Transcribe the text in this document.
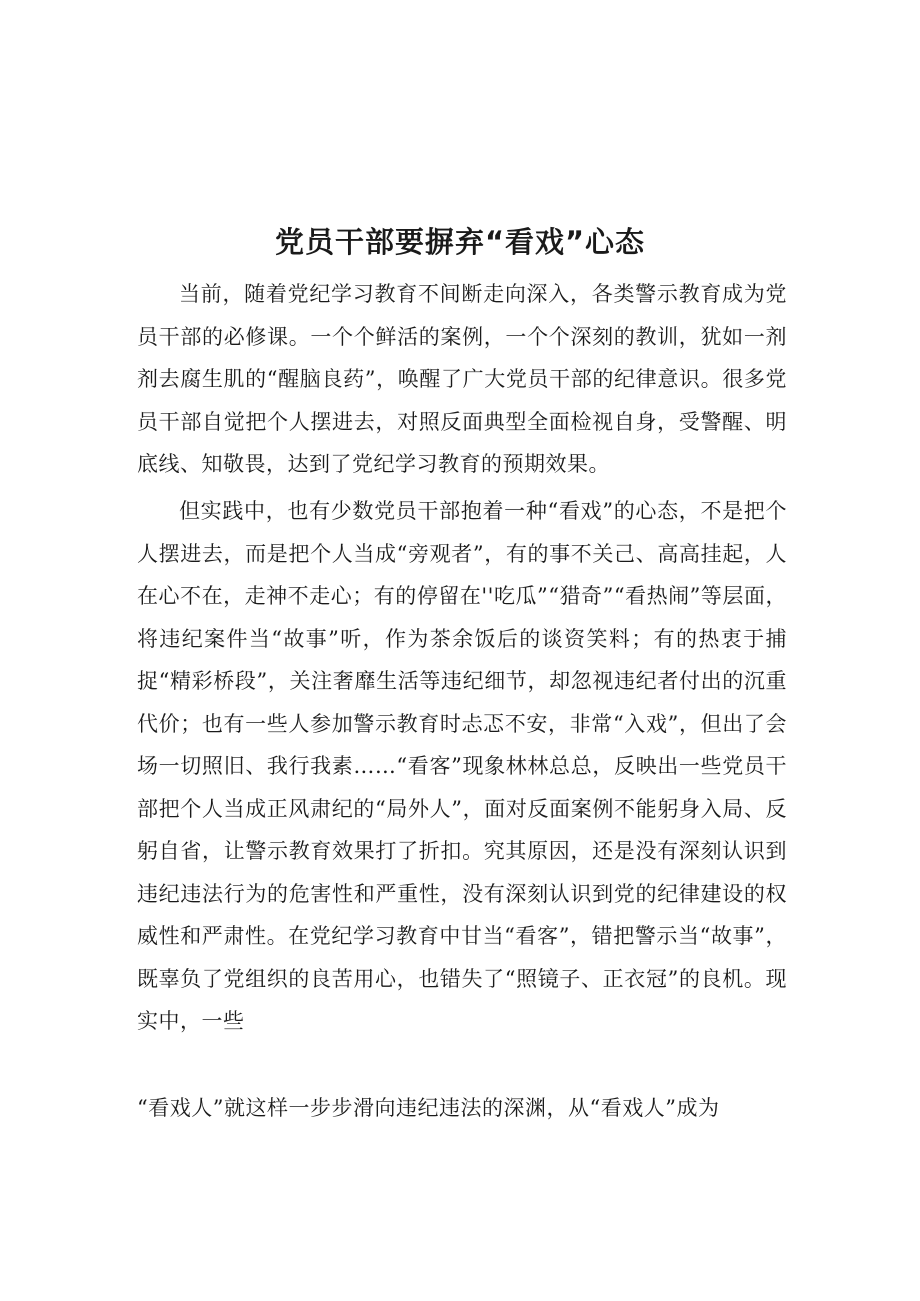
党员干部要摒弃“看戏”心态

当前，随着党纪学习教育不间断走向深入，各类警示教育成为党员干部的必修课。一个个鲜活的案例，一个个深刻的教训，犹如一剂剂去腐生肌的“醒脑良药”，唤醒了广大党员干部的纪律意识。很多党员干部自觉把个人摆进去，对照反面典型全面检视自身，受警醒、明底线、知敬畏，达到了党纪学习教育的预期效果。

但实践中，也有少数党员干部抱着一种“看戏”的心态，不是把个人摆进去，而是把个人当成“旁观者”，有的事不关己、高高挂起，人在心不在，走神不走心；有的停留在''吃瓜”“猎奇”“看热闹”等层面，将违纪案件当“故事”听，作为茶余饭后的谈资笑料；有的热衷于捕捉“精彩桥段”，关注奢靡生活等违纪细节，却忽视违纪者付出的沉重代价；也有一些人参加警示教育时忐忑不安，非常“入戏”，但出了会场一切照旧、我行我素……“看客”现象林林总总，反映出一些党员干部把个人当成正风肃纪的“局外人”，面对反面案例不能躬身入局、反躬自省，让警示教育效果打了折扣。究其原因，还是没有深刻认识到违纪违法行为的危害性和严重性，没有深刻认识到党的纪律建设的权威性和严肃性。在党纪学习教育中甘当“看客”，错把警示当“故事”，既辜负了党组织的良苦用心，也错失了“照镜子、正衣冠”的良机。现实中，一些

“看戏人”就这样一步步滑向违纪违法的深渊，从“看戏人”成为
